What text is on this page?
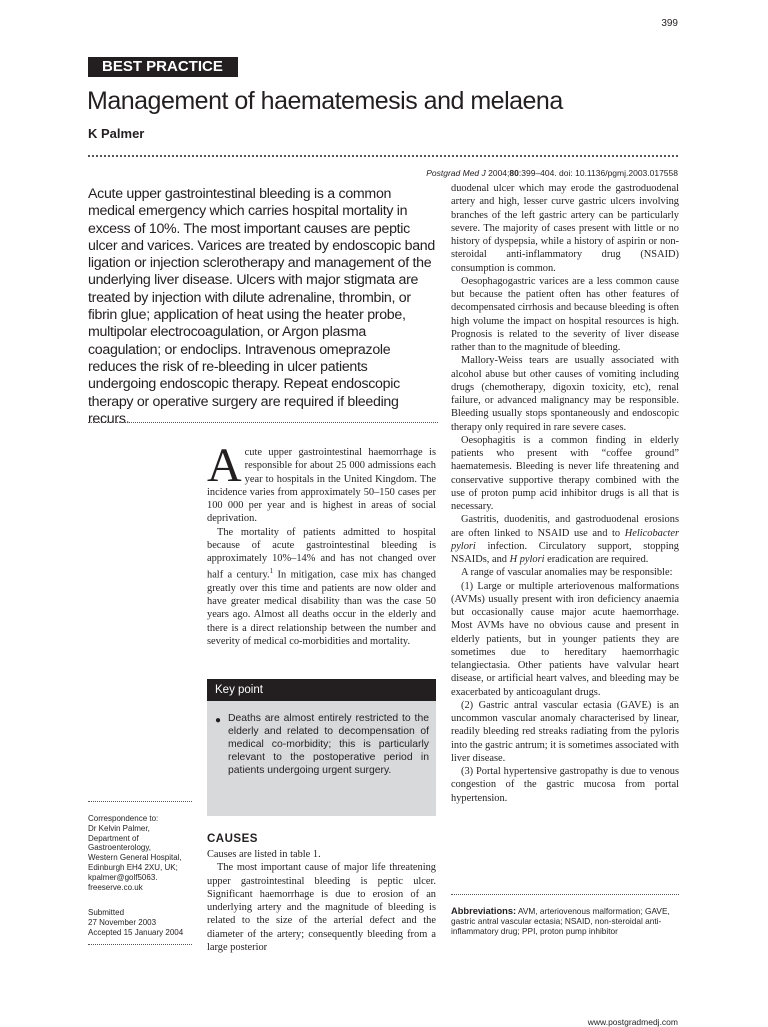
399
BEST PRACTICE
Management of haematemesis and melaena
K Palmer
Postgrad Med J 2004;80:399–404. doi: 10.1136/pgmj.2003.017558

Acute upper gastrointestinal bleeding is a common medical emergency which carries hospital mortality in excess of 10%. The most important causes are peptic ulcer and varices. Varices are treated by endoscopic band ligation or injection sclerotherapy and management of the underlying liver disease. Ulcers with major stigmata are treated by injection with dilute adrenaline, thrombin, or fibrin glue; application of heat using the heater probe, multipolar electrocoagulation, or Argon plasma coagulation; or endoclips. Intravenous omeprazole reduces the risk of re-bleeding in ulcer patients undergoing endoscopic therapy. Repeat endoscopic therapy or operative surgery are required if bleeding recurs.

Acute upper gastrointestinal haemorrhage is responsible for about 25 000 admissions each year to hospitals in the United Kingdom. The incidence varies from approximately 50–150 cases per 100 000 per year and is highest in areas of social deprivation.

The mortality of patients admitted to hospital because of acute gastrointestinal bleeding is approximately 10%–14% and has not changed over half a century.$^1$ In mitigation, case mix has changed greatly over this time and patients are now older and have greater medical disability than was the case 50 years ago. Almost all deaths occur in the elderly and there is a direct relationship between the number and severity of medical co-morbidities and mortality.

Key point
● Deaths are almost entirely restricted to the elderly and related to decompensation of medical co-morbidity; this is particularly relevant to the postoperative period in patients undergoing urgent surgery.
CAUSES

Causes are listed in table 1.

The most important cause of major life threatening upper gastrointestinal bleeding is peptic ulcer. Significant haemorrhage is due to erosion of an underlying artery and the magnitude of bleeding is related to the size of the arterial defect and the diameter of the artery; consequently bleeding from a large posterior

duodenal ulcer which may erode the gastroduodenal artery and high, lesser curve gastric ulcers involving branches of the left gastric artery can be particularly severe. The majority of cases present with little or no history of dyspepsia, while a history of aspirin or non-steroidal anti-inflammatory drug (NSAID) consumption is common.

Oesophagogastric varices are a less common cause but because the patient often has other features of decompensated cirrhosis and because bleeding is often high volume the impact on hospital resources is high. Prognosis is related to the severity of liver disease rather than to the magnitude of bleeding.

Mallory-Weiss tears are usually associated with alcohol abuse but other causes of vomiting including drugs (chemotherapy, digoxin toxicity, etc), renal failure, or advanced malignancy may be responsible. Bleeding usually stops spontaneously and endoscopic therapy only required in rare severe cases.

Oesophagitis is a common finding in elderly patients who present with “coffee ground” haematemesis. Bleeding is never life threatening and conservative supportive therapy combined with the use of proton pump acid inhibitor drugs is all that is necessary.

Gastritis, duodenitis, and gastroduodenal erosions are often linked to NSAID use and to Helicobacter pylori infection. Circulatory support, stopping NSAIDs, and H pylori eradication are required.

A range of vascular anomalies may be responsible:

(1) Large or multiple arteriovenous malformations (AVMs) usually present with iron deficiency anaemia but occasionally cause major acute haemorrhage. Most AVMs have no obvious cause and present in elderly patients, but in younger patients they are sometimes due to hereditary haemorrhagic telangiectasia. Other patients have valvular heart disease, or artificial heart valves, and bleeding may be exacerbated by anticoagulant drugs.

(2) Gastric antral vascular ectasia (GAVE) is an uncommon vascular anomaly characterised by linear, readily bleeding red streaks radiating from the pyloris into the gastric antrum; it is sometimes associated with liver disease.

(3) Portal hypertensive gastropathy is due to venous congestion of the gastric mucosa from portal hypertension.

Abbreviations: AVM, arteriovenous malformation; GAVE, gastric antral vascular ectasia; NSAID, non-steroidal anti-inflammatory drug; PPI, proton pump inhibitor
Correspondence to:
Dr Kelvin Palmer,
Department of
Gastroenterology,
Western General Hospital,
Edinburgh EH4 2XU, UK;
kpalmer@golf5063.
freeserve.co.uk
Submitted
27 November 2003
Accepted 15 January 2004
www.postgradmedj.com
